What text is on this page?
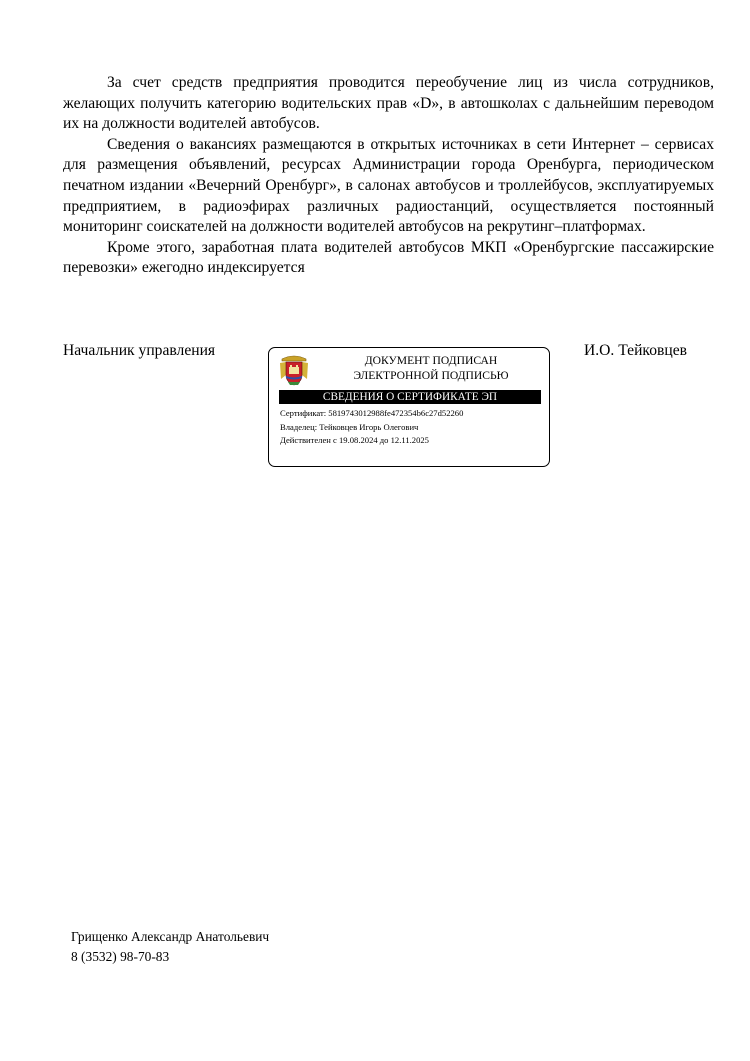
За счет средств предприятия проводится переобучение лиц из числа сотрудников, желающих получить категорию водительских прав «D», в автошколах с дальнейшим переводом их на должности водителей автобусов.

Сведения о вакансиях размещаются в открытых источниках в сети Интернет – сервисах для размещения объявлений, ресурсах Администрации города Оренбурга, периодическом печатном издании «Вечерний Оренбург», в салонах автобусов и троллейбусов, эксплуатируемых предприятием, в радиоэфирах различных радиостанций, осуществляется постоянный мониторинг соискателей на должности водителей автобусов на рекрутинг–платформах.

Кроме этого, заработная плата водителей автобусов МКП «Оренбургские пассажирские перевозки» ежегодно индексируется

Начальник управления	И.О. Тейковцев
ДОКУМЕНТ ПОДПИСАН
ЭЛЕКТРОННОЙ ПОДПИСЬЮ
СВЕДЕНИЯ О СЕРТИФИКАТЕ ЭП
Сертификат: 5819743012988fe472354b6c27d52260
Владелец: Тейковцев Игорь Олегович
Действителен с 19.08.2024 до 12.11.2025
Грищенко Александр Анатольевич
8 (3532) 98-70-83
